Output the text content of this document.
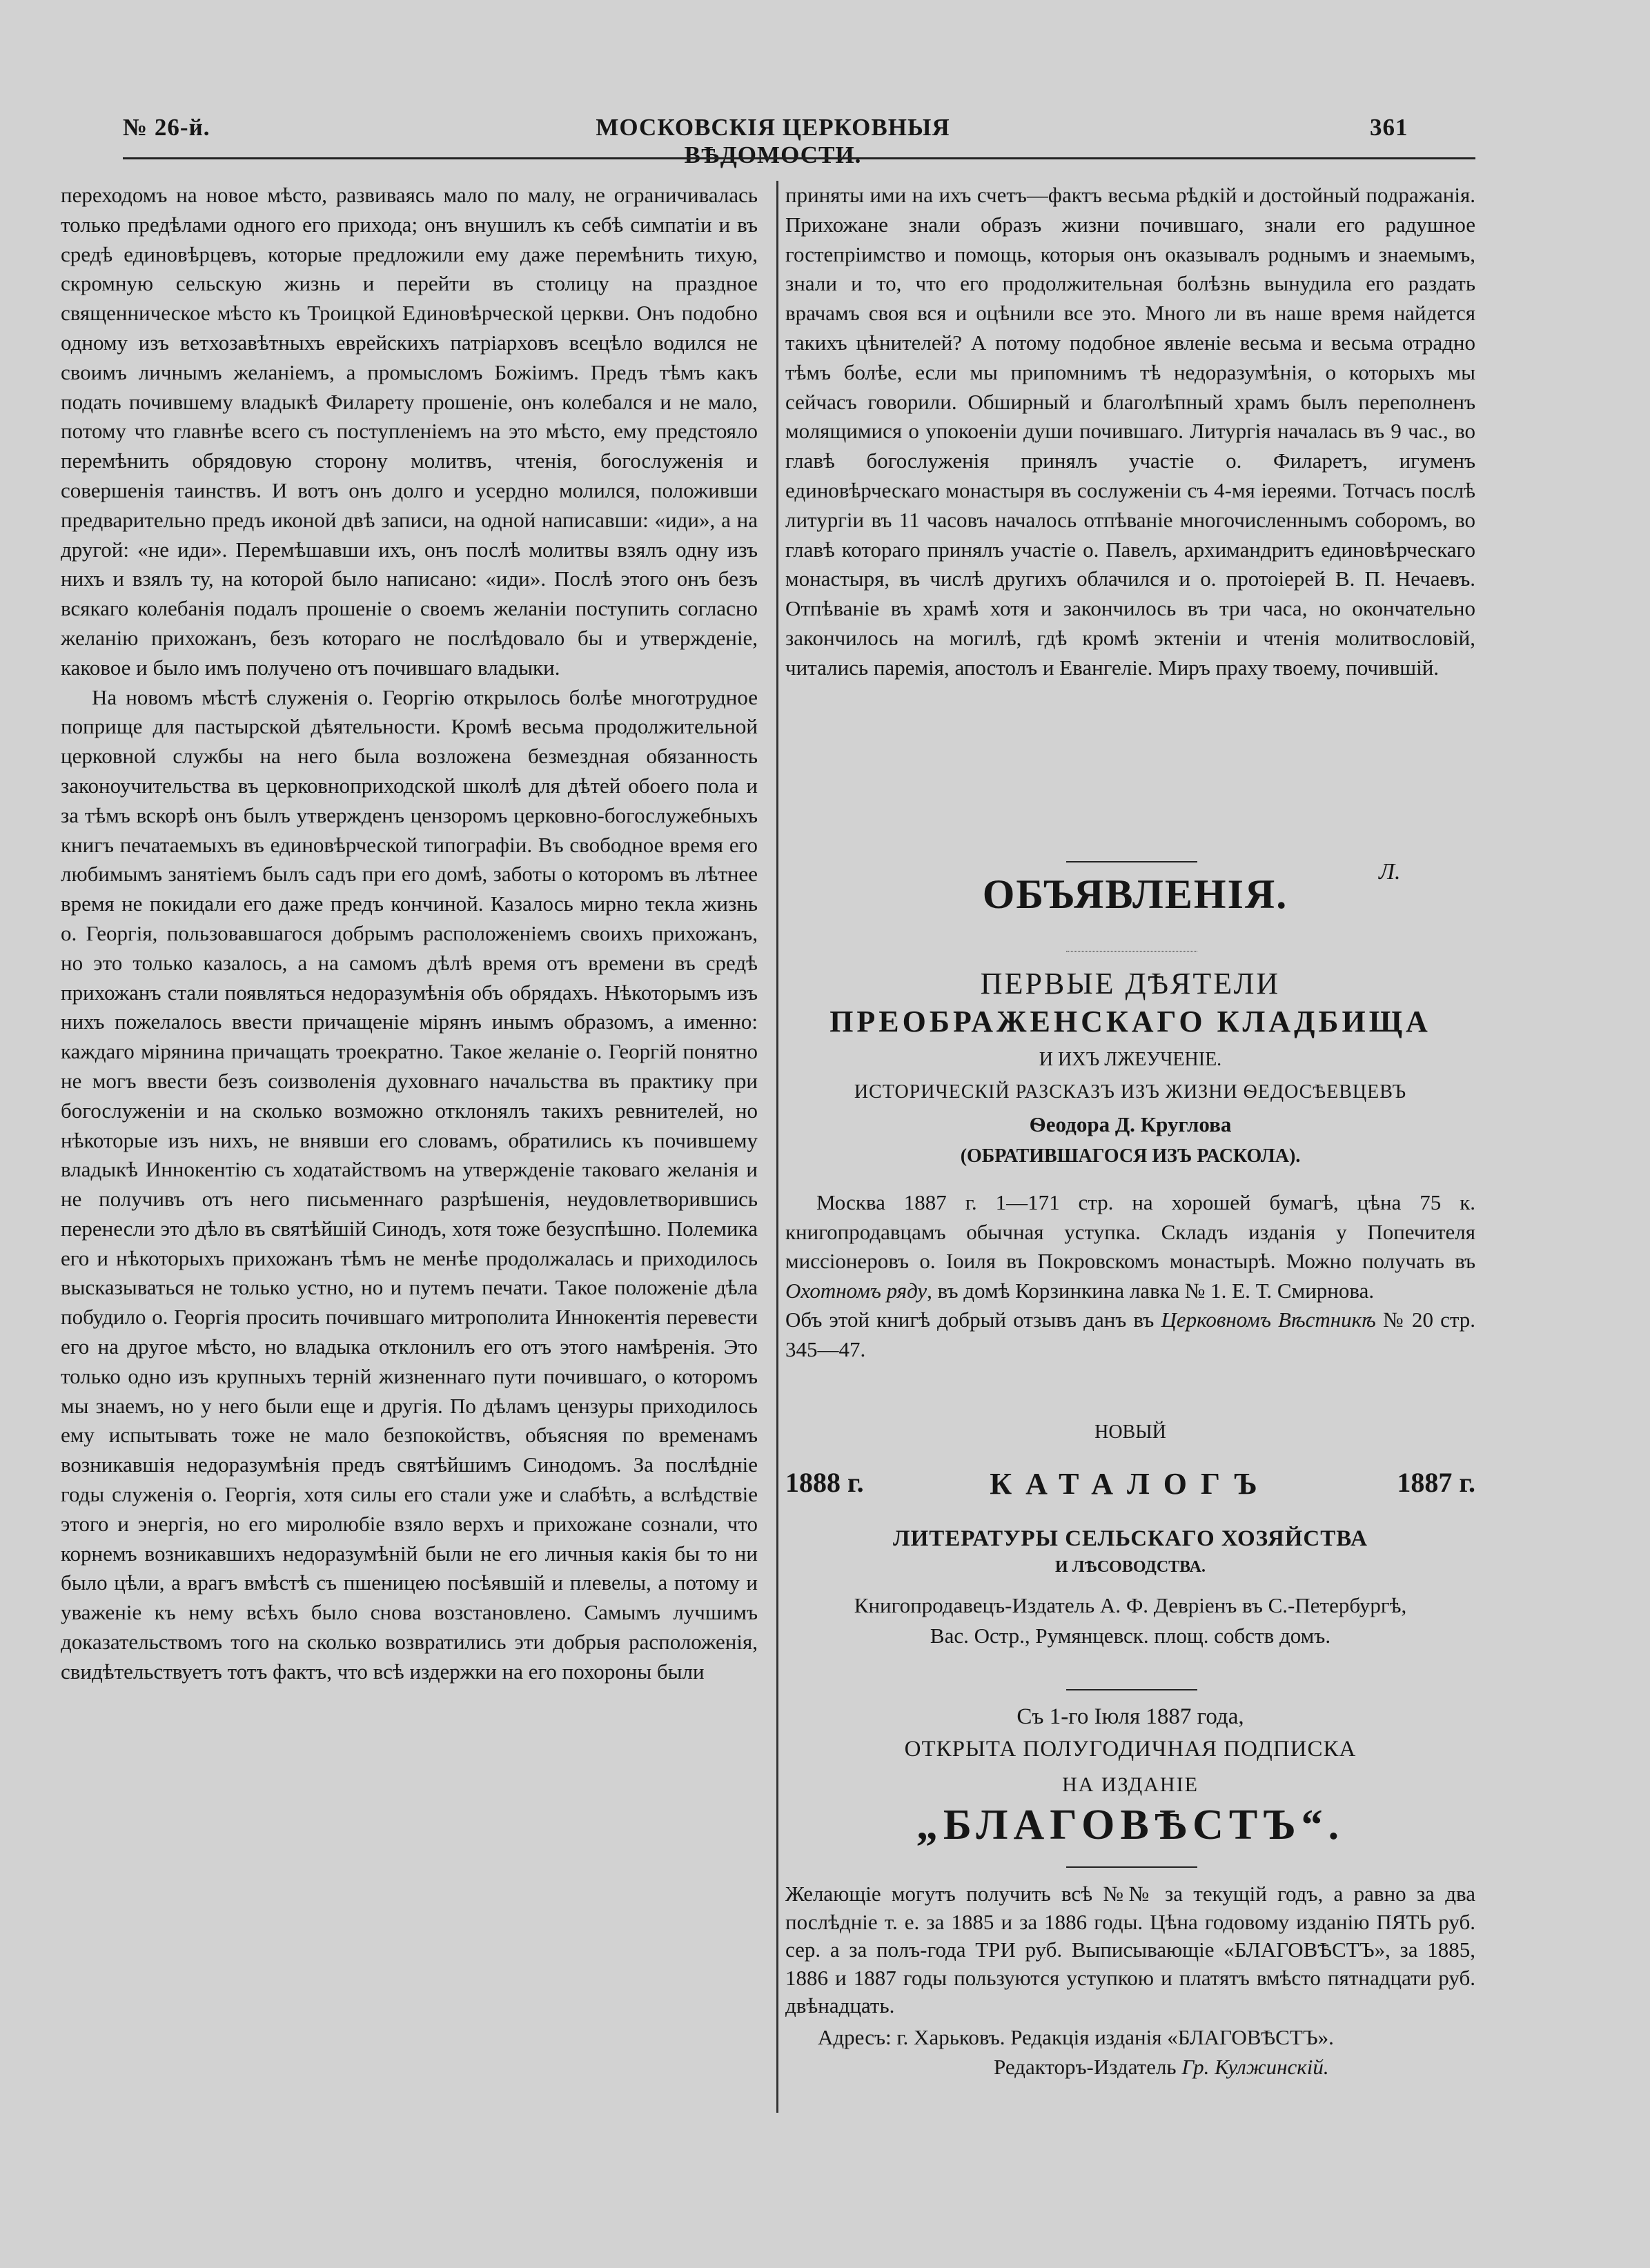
№ 26-й.	МОСКОВСКІЯ ЦЕРКОВНЫЯ ВѢДОМОСТИ.
361

переходомъ на новое мѣсто, развиваясь мало по малу, не ограничивалась только предѣлами одного его прихода; онъ внушилъ къ себѣ симпатіи и въ средѣ единовѣрцевъ, которые предложили ему даже перемѣнить тихую, скромную сельскую жизнь и перейти въ столицу на праздное священническое мѣсто къ Троицкой Единовѣрческой церкви. Онъ подобно одному изъ ветхозавѣтныхъ еврейскихъ патріарховъ всецѣло водился не своимъ личнымъ желаніемъ, а промысломъ Божіимъ. Предъ тѣмъ какъ подать почившему владыкѣ Филарету прошеніе, онъ колебался и не мало, потому что главнѣе всего съ поступленіемъ на это мѣсто, ему предстояло перемѣнить обрядовую сторону молитвъ, чтенія, богослуженія и совершенія таинствъ. И вотъ онъ долго и усердно молился, положивши предварительно предъ иконой двѣ записи, на одной написавши: «иди», а на другой: «не иди». Перемѣшавши ихъ, онъ послѣ молитвы взялъ одну изъ нихъ и взялъ ту, на которой было написано: «иди». Послѣ этого онъ безъ всякаго колебанія подалъ прошеніе о своемъ желаніи поступить согласно желанію прихожанъ, безъ котораго не послѣдовало бы и утвержденіе, каковое и было имъ получено отъ почившаго владыки.

На новомъ мѣстѣ служенія о. Георгію открылось болѣе многотрудное поприще для пастырской дѣятельности. Кромѣ весьма продолжительной церковной службы на него была возложена безмездная обязанность законоучительства въ церковноприходской школѣ для дѣтей обоего пола и за тѣмъ вскорѣ онъ былъ утвержденъ цензоромъ церковно-богослужебныхъ книгъ печатаемыхъ въ единовѣрческой типографіи. Въ свободное время его любимымъ занятіемъ былъ садъ при его домѣ, заботы о которомъ въ лѣтнее время не покидали его даже предъ кончиной. Казалось мирно текла жизнь о. Георгія, пользовавшагося добрымъ расположеніемъ своихъ прихожанъ, но это только казалось, а на самомъ дѣлѣ время отъ времени въ средѣ прихожанъ стали появляться недоразумѣнія объ обрядахъ. Нѣкоторымъ изъ нихъ пожелалось ввести причащеніе мірянъ инымъ образомъ, а именно: каждаго мірянина причащать троекратно. Такое желаніе о. Георгій понятно не могъ ввести безъ соизволенія духовнаго начальства въ практику при богослуженіи и на сколько возможно отклонялъ такихъ ревнителей, но нѣкоторые изъ нихъ, не внявши его словамъ, обратились къ почившему владыкѣ Иннокентію съ ходатайствомъ на утвержденіе таковаго желанія и не получивъ отъ него письменнаго разрѣшенія, неудовлетворившись перенесли это дѣло въ святѣйшій Синодъ, хотя тоже безуспѣшно. Полемика его и нѣкоторыхъ прихожанъ тѣмъ не менѣе продолжалась и приходилось высказываться не только устно, но и путемъ печати. Такое положеніе дѣла побудило о. Георгія просить почившаго митрополита Иннокентія перевести его на другое мѣсто, но владыка отклонилъ его отъ этого намѣренія. Это только одно изъ крупныхъ терній жизненнаго пути почившаго, о которомъ мы знаемъ, но у него были еще и другія. По дѣламъ цензуры приходилось ему испытывать тоже не мало безпокойствъ, объясняя по временамъ возникавшія недоразумѣнія предъ святѣйшимъ Синодомъ. За послѣдніе годы служенія о. Георгія, хотя силы его стали уже и слабѣть, а вслѣдствіе этого и энергія, но его миролюбіе взяло верхъ и прихожане сознали, что корнемъ возникавшихъ недоразумѣній были не его личныя какія бы то ни было цѣли, а врагъ вмѣстѣ съ пшеницею посѣявшій и плевелы, а потому и уваженіе къ нему всѣхъ было снова возстановлено. Самымъ лучшимъ доказательствомъ того на сколько возвратились эти добрыя расположенія, свидѣтельствуетъ тотъ фактъ, что всѣ издержки на его похороны были

приняты ими на ихъ счетъ—фактъ весьма рѣдкій и достойный подражанія. Прихожане знали образъ жизни почившаго, знали его радушное гостепріимство и помощь, которыя онъ оказывалъ роднымъ и знаемымъ, знали и то, что его продолжительная болѣзнь вынудила его раздать врачамъ своя вся и оцѣнили все это. Много ли въ наше время найдется такихъ цѣнителей? А потому подобное явленіе весьма и весьма отрадно тѣмъ болѣе, если мы припомнимъ тѣ недоразумѣнія, о которыхъ мы сейчасъ говорили. Обширный и благолѣпный храмъ былъ переполненъ молящимися о упокоеніи души почившаго. Литургія началась въ 9 час., во главѣ богослуженія принялъ участіе о. Филаретъ, игуменъ единовѣрческаго монастыря въ сослуженіи съ 4-мя іереями. Тотчасъ послѣ литургіи въ 11 часовъ началось отпѣваніе многочисленнымъ соборомъ, во главѣ котораго принялъ участіе о. Павелъ, архимандритъ единовѣрческаго монастыря, въ числѣ другихъ облачился и о. протоіерей В. П. Нечаевъ. Отпѣваніе въ храмѣ хотя и закончилось въ три часа, но окончательно закончилось на могилѣ, гдѣ кромѣ эктеніи и чтенія молитвословій, читались паремія, апостолъ и Евангеліе. Миръ праху твоему, почившій.

Л.
ОБЪЯВЛЕНІЯ.
ПЕРВЫЕ ДѢЯТЕЛИ
ПРЕОБРАЖЕНСКАГО КЛАДБИЩА
И ИХЪ ЛЖЕУЧЕНІЕ.
ИСТОРИЧЕСКІЙ РАЗСКАЗЪ ИЗЪ ЖИЗНИ ѲЕДОСѢЕВЦЕВЪ
Ѳеодора Д. Круглова
(ОБРАТИВШАГОСЯ ИЗЪ РАСКОЛА).

Москва 1887 г. 1—171 стр. на хорошей бумагѣ, цѣна 75 к. книгопродавцамъ обычная уступка. Складъ изданія у Попечителя миссіонеровъ о. Іоиля въ Покровскомъ монастырѣ. Можно получать въ Охотномъ ряду, въ домѣ Корзинкина лавка № 1. Е. Т. Смирнова.

Объ этой книгѣ добрый отзывъ данъ въ Церковномъ Вѣстникѣ № 20 стр. 345—47.

НОВЫЙ
1888 г.	КАТАЛОГЪ	1887 г.
ЛИТЕРАТУРЫ СЕЛЬСКАГО ХОЗЯЙСТВА
И ЛѢСОВОДСТВА.
Книгопродавецъ-Издатель А. Ф. Девріенъ въ С.-Петербургѣ,
Вас. Остр., Румянцевск. площ. собств домъ.
Съ 1-го Іюля 1887 года,
ОТКРЫТА ПОЛУГОДИЧНАЯ ПОДПИСКА
НА ИЗДАНІЕ
„БЛАГОВѢСТЪ“.

Желающіе могутъ получить всѣ №№ за текущій годъ, а равно за два послѣдніе т. е. за 1885 и за 1886 годы. Цѣна годовому изданію ПЯТЬ руб. сер. а за полъ-года ТРИ руб. Выписывающіе «БЛАГОВѢСТЪ», за 1885, 1886 и 1887 годы пользуются уступкою и платятъ вмѣсто пятнадцати руб. двѣнадцать.

Адресъ: г. Харьковъ. Редакція изданія «БЛАГОВѢСТЪ».
Редакторъ-Издатель Гр. Кулжинскій.
